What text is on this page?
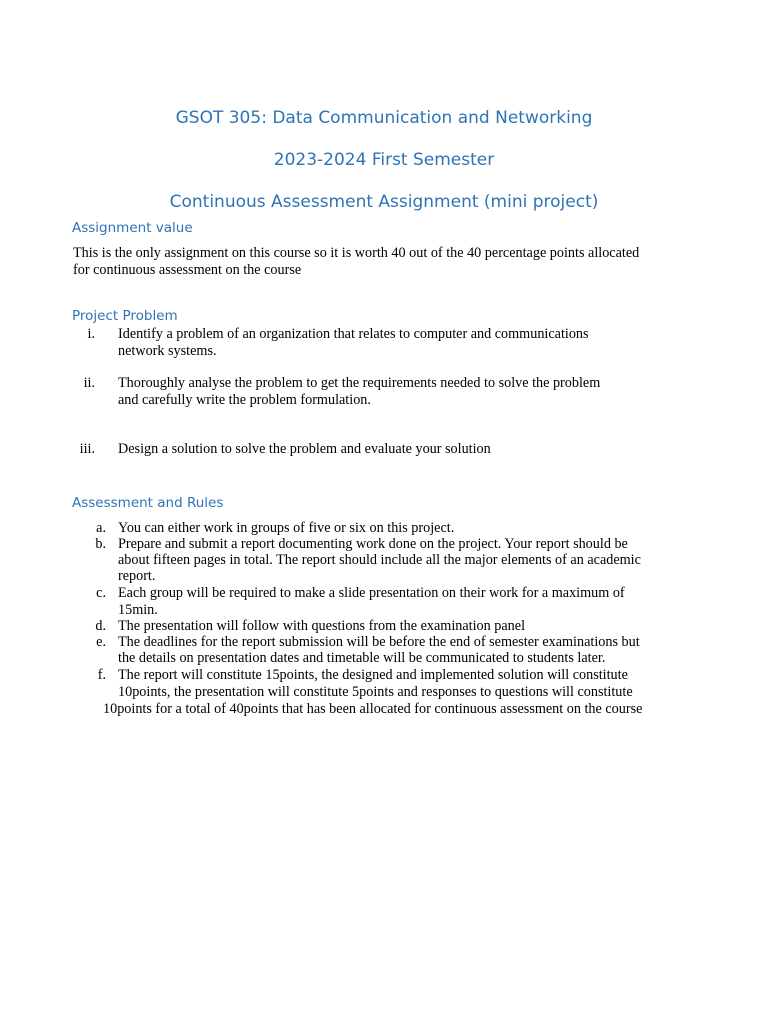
GSOT 305: Data Communication and Networking
2023-2024 First Semester
Continuous Assessment Assignment (mini project)
Assignment value
This is the only assignment on this course so it is worth 40 out of the 40 percentage points allocated
for continuous assessment on the course
Project Problem
i. Identify a problem of an organization that relates to computer and communications
network systems.
ii. Thoroughly analyse the problem to get the requirements needed to solve the problem
and carefully write the problem formulation.
iii. Design a solution to solve the problem and evaluate your solution
Assessment and Rules
a. You can either work in groups of five or six on this project.
b. Prepare and submit a report documenting work done on the project. Your report should be
about fifteen pages in total. The report should include all the major elements of an academic
report.
c. Each group will be required to make a slide presentation on their work for a maximum of
15min.
d. The presentation will follow with questions from the examination panel
e. The deadlines for the report submission will be before the end of semester examinations but
the details on presentation dates and timetable will be communicated to students later.
f. The report will constitute 15points, the designed and implemented solution will constitute
10points, the presentation will constitute 5points and responses to questions will constitute
10points for a total of 40points that has been allocated for continuous assessment on the course
